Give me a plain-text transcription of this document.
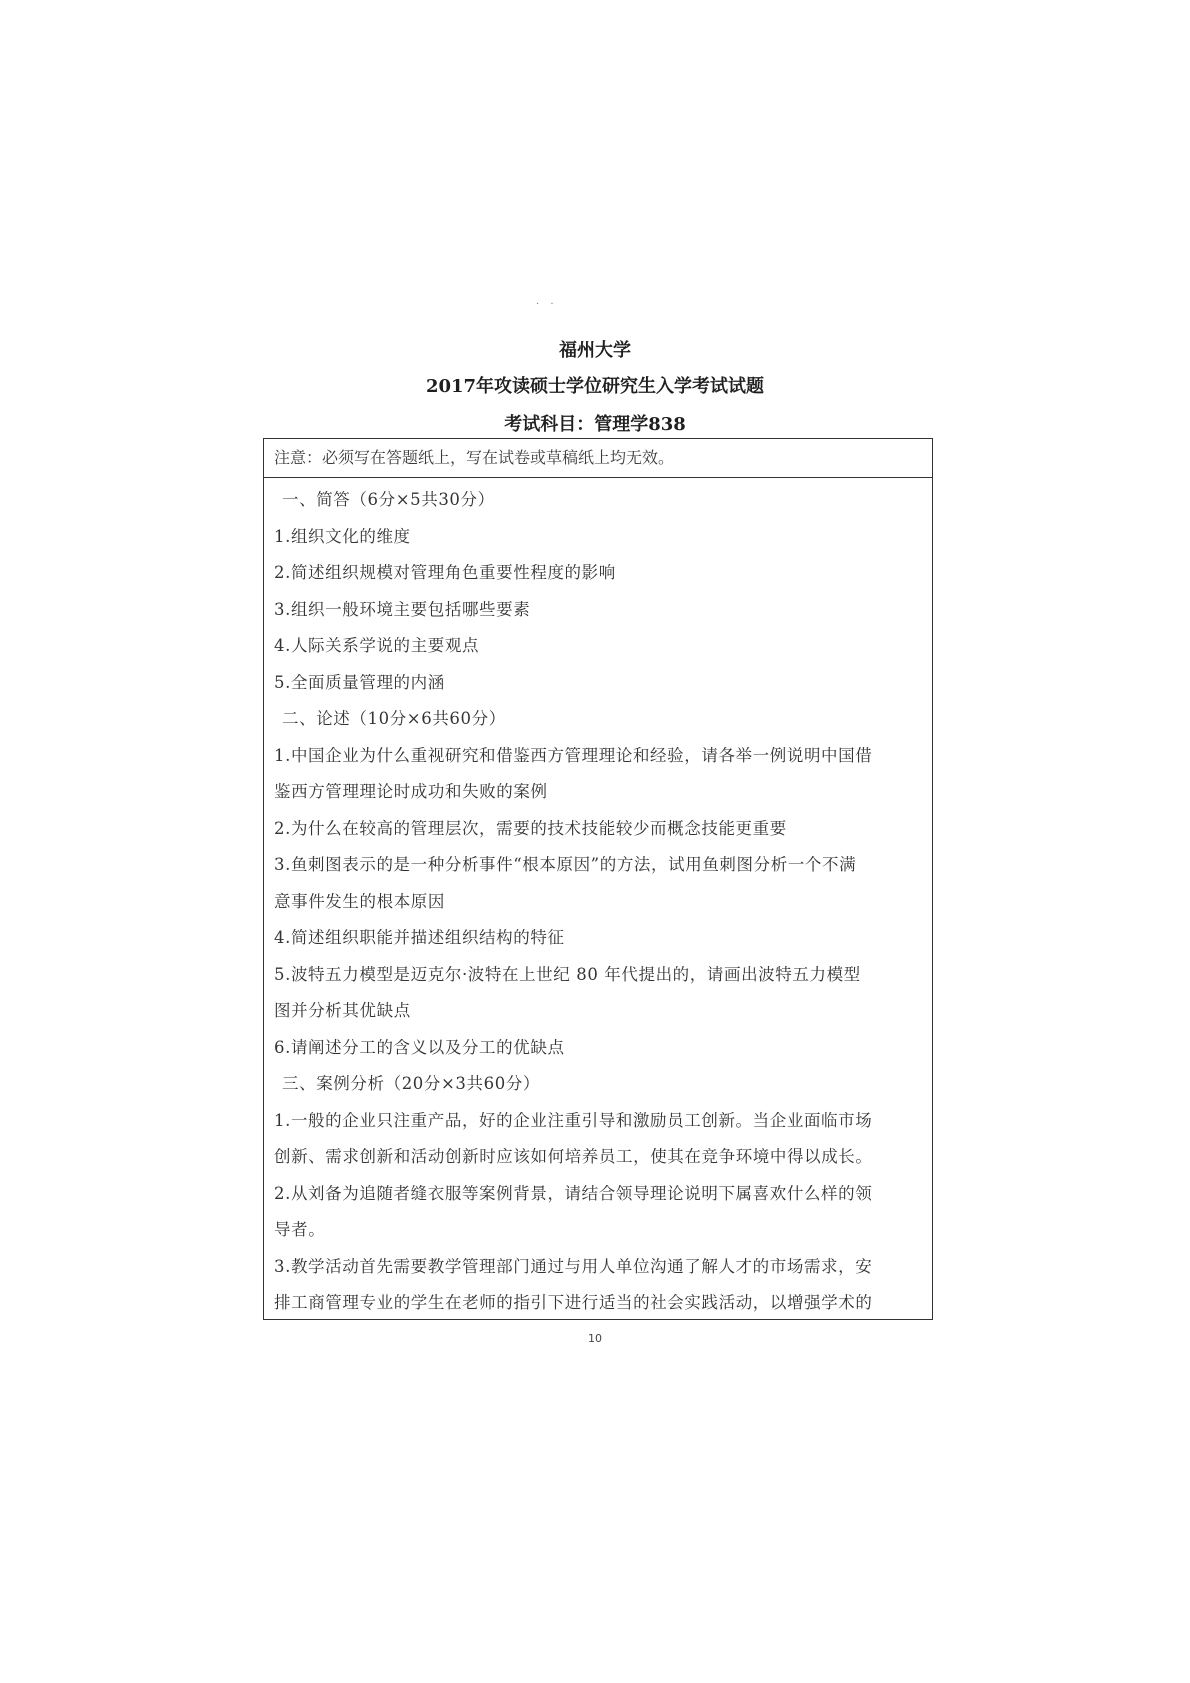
. .
福州大学
2017年攻读硕士学位研究生入学考试试题
考试科目：管理学838
注意：必须写在答题纸上，写在试卷或草稿纸上均无效。
一、简答（6分×5共30分）
1.组织文化的维度
2.简述组织规模对管理角色重要性程度的影响
3.组织一般环境主要包括哪些要素
4.人际关系学说的主要观点
5.全面质量管理的内涵
二、论述（10分×6共60分）
1.中国企业为什么重视研究和借鉴西方管理理论和经验，请各举一例说明中国借
鉴西方管理理论时成功和失败的案例
2.为什么在较高的管理层次，需要的技术技能较少而概念技能更重要
3.鱼刺图表示的是一种分析事件“根本原因”的方法，试用鱼刺图分析一个不满
意事件发生的根本原因
4.简述组织职能并描述组织结构的特征
5.波特五力模型是迈克尔·波特在上世纪 80 年代提出的，请画出波特五力模型
图并分析其优缺点
6.请阐述分工的含义以及分工的优缺点
三、案例分析（20分×3共60分）
1.一般的企业只注重产品，好的企业注重引导和激励员工创新。当企业面临市场
创新、需求创新和活动创新时应该如何培养员工，使其在竞争环境中得以成长。
2.从刘备为追随者缝衣服等案例背景，请结合领导理论说明下属喜欢什么样的领
导者。
3.教学活动首先需要教学管理部门通过与用人单位沟通了解人才的市场需求，安
排工商管理专业的学生在老师的指引下进行适当的社会实践活动，以增强学术的
10
